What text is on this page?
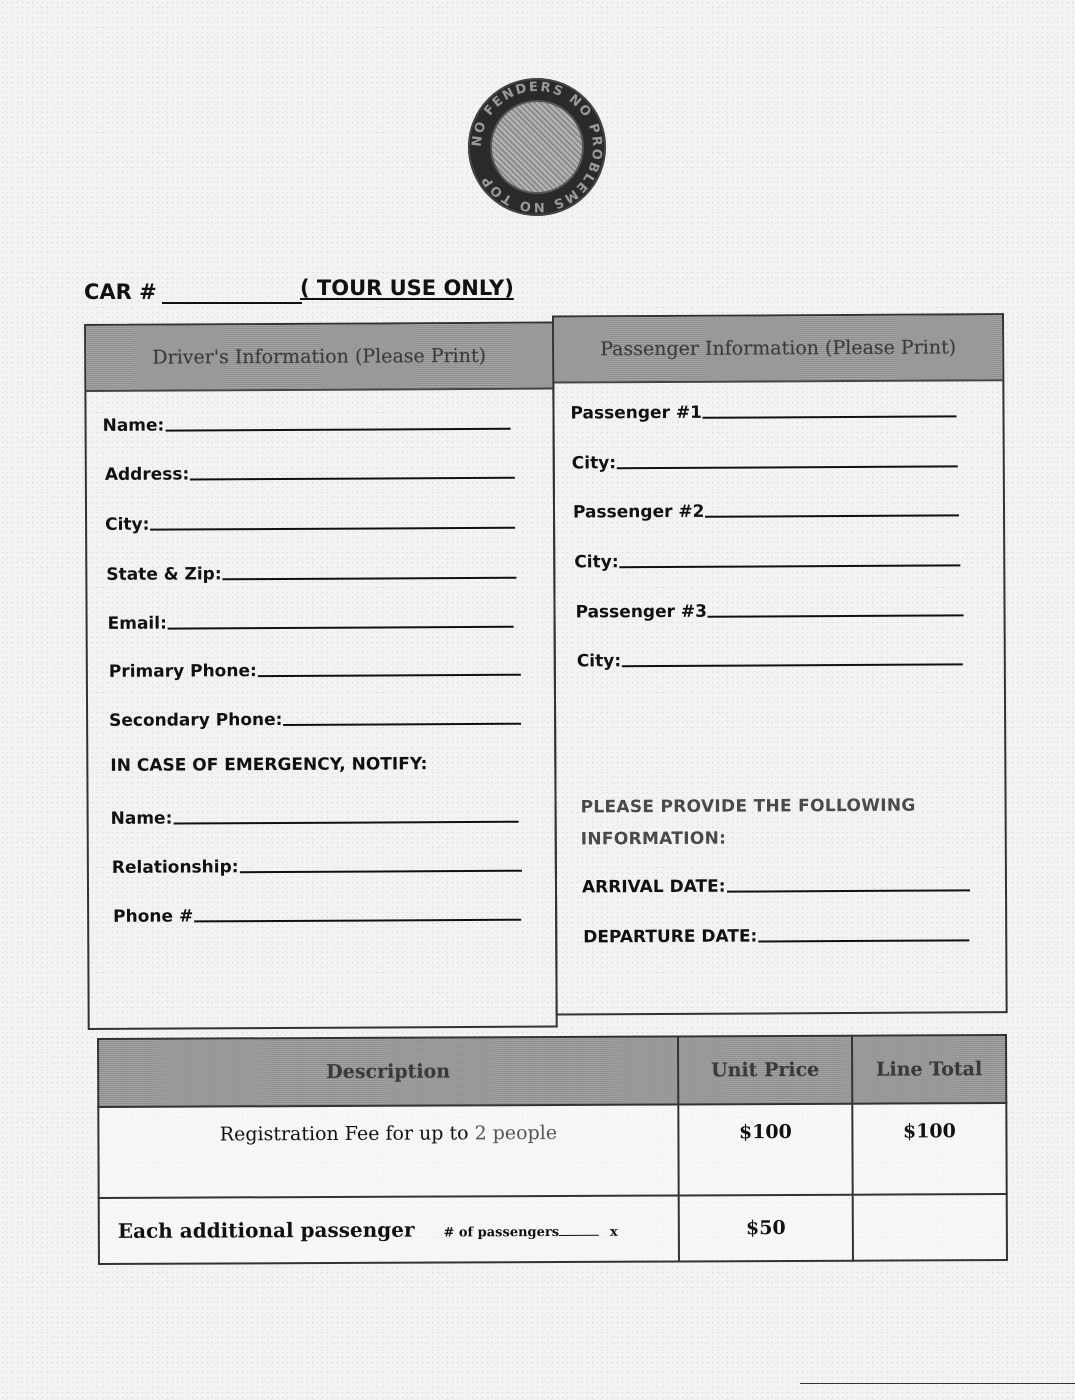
NO FENDERS NO PROBLEMS NO TOP
CAR #	( TOUR USE ONLY)
Driver's Information (Please Print)
Name:
Address:
City:
State & Zip:
Email:
Primary Phone:
Secondary Phone:
IN CASE OF EMERGENCY, NOTIFY:
Name:
Relationship:
Phone #
Passenger Information (Please Print)
Passenger #1
City:
Passenger #2
City:
Passenger #3
City:
PLEASE PROVIDE THE FOLLOWING
INFORMATION:
ARRIVAL DATE:
DEPARTURE DATE:
Description	Unit Price	Line Total
Registration Fee for up to 2 people	$100	$100
Each additional passenger # of passengers x	$50	
